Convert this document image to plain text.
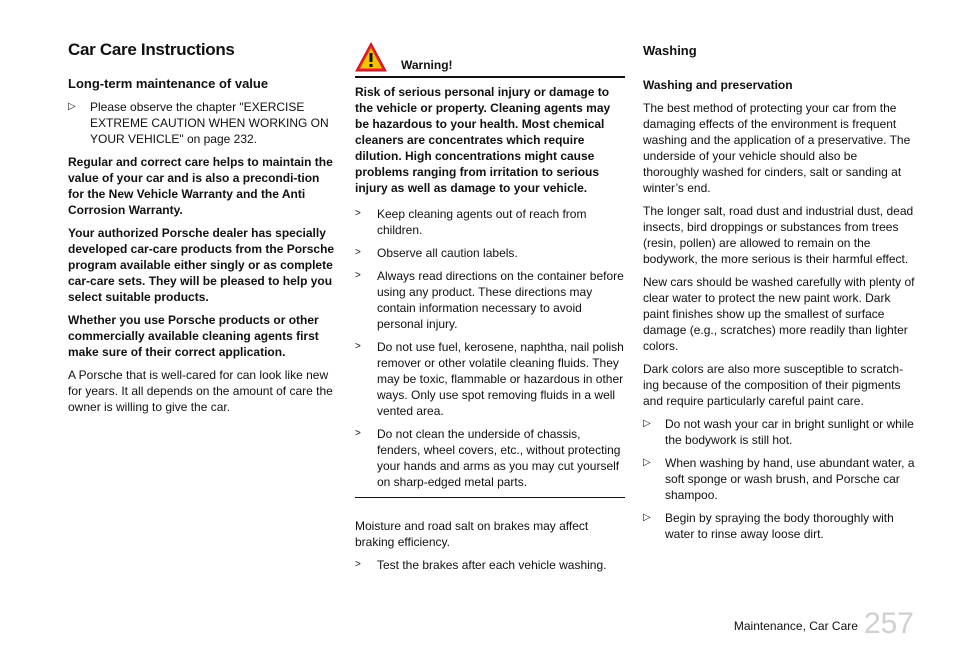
Car Care Instructions
Long-term maintenance of value
▷	Please observe the chapter "EXERCISE EXTREME CAUTION WHEN WORKING ON YOUR VEHICLE" on page 232.

Regular and correct care helps to maintain the value of your car and is also a precondi-tion for the New Vehicle Warranty and the Anti Corrosion Warranty.

Your authorized Porsche dealer has specially developed car-care products from the Porsche program available either singly or as complete car-care sets. They will be pleased to help you select suitable products.

Whether you use Porsche products or other commercially available cleaning agents first make sure of their correct application.

A Porsche that is well-cared for can look like new for years. It all depends on the amount of care the owner is willing to give the car.

Warning!

Risk of serious personal injury or damage to the vehicle or property. Cleaning agents may be hazardous to your health. Most chemical cleaners are concentrates which require dilution. High concentrations might cause problems ranging from irritation to serious injury as well as damage to your vehicle.

>	Keep cleaning agents out of reach from children.
>	Observe all caution labels.
>	Always read directions on the container before using any product. These directions may contain information necessary to avoid personal injury.
>	Do not use fuel, kerosene, naphtha, nail polish remover or other volatile cleaning fluids. They may be toxic, flammable or hazardous in other ways. Only use spot removing fluids in a well vented area.
>	Do not clean the underside of chassis, fenders, wheel covers, etc., without protecting your hands and arms as you may cut yourself on sharp-edged metal parts.

Moisture and road salt on brakes may affect braking efficiency.

>	Test the brakes after each vehicle washing.
Washing
Washing and preservation

The best method of protecting your car from the damaging effects of the environment is frequent washing and the application of a preservative. The underside of your vehicle should also be thoroughly washed for cinders, salt or sanding at winter’s end.

The longer salt, road dust and industrial dust, dead insects, bird droppings or substances from trees (resin, pollen) are allowed to remain on the bodywork, the more serious is their harmful effect.

New cars should be washed carefully with plenty of clear water to protect the new paint work. Dark paint finishes show up the smallest of surface damage (e.g., scratches) more readily than lighter colors.

Dark colors are also more susceptible to scratch-ing because of the composition of their pigments and require particularly careful paint care.

▷	Do not wash your car in bright sunlight or while the bodywork is still hot.
▷	When washing by hand, use abundant water, a soft sponge or wash brush, and Porsche car shampoo.
▷	Begin by spraying the body thoroughly with water to rinse away loose dirt.
Maintenance, Car Care 257
